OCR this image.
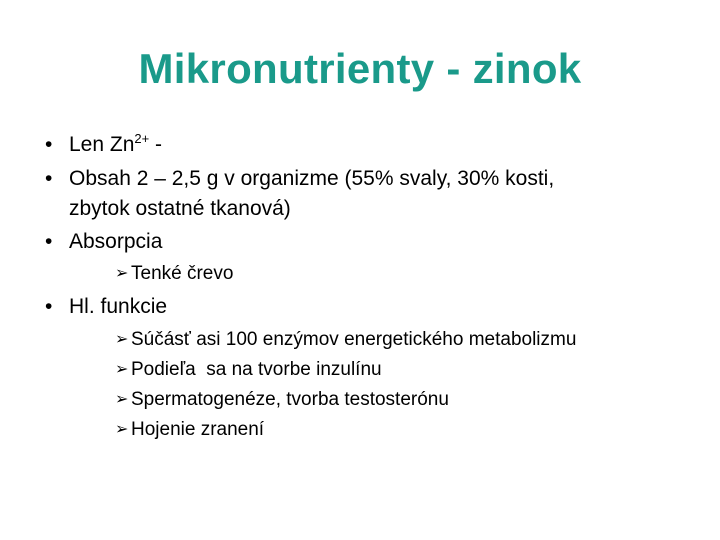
Mikronutrienty - zinok
• Len $Zn^{2+}$ -
• Obsah 2 – 2,5 g v organizme (55% svaly, 30% kosti,
zbytok ostatné tkanová)
• Absorpcia
➢ Tenké črevo
• Hl. funkcie
➢ Súčásť asi 100 enzýmov energetického metabolizmu
➢ Podieľa  sa na tvorbe inzulínu
➢ Spermatogenéze, tvorba testosterónu
➢ Hojenie zranení
